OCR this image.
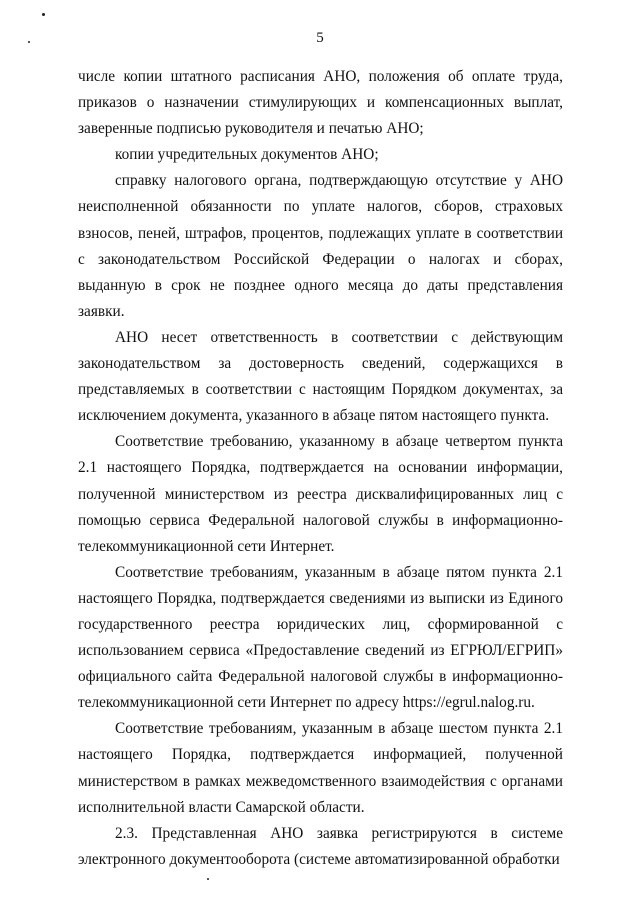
5

числе копии штатного расписания АНО, положения об оплате труда, приказов о назначении стимулирующих и компенсационных выплат, заверенные подписью руководителя и печатью АНО;

копии учредительных документов АНО;

справку налогового органа, подтверждающую отсутствие у АНО неисполненной обязанности по уплате налогов, сборов, страховых взносов, пеней, штрафов, процентов, подлежащих уплате в соответствии с законодательством Российской Федерации о налогах и сборах, выданную в срок не позднее одного месяца до даты представления заявки.

АНО несет ответственность в соответствии с действующим законодательством за достоверность сведений, содержащихся в представляемых в соответствии с настоящим Порядком документах, за исключением документа, указанного в абзаце пятом настоящего пункта.

Соответствие требованию, указанному в абзаце четвертом пункта 2.1 настоящего Порядка, подтверждается на основании информации, полученной министерством из реестра дисквалифицированных лиц с помощью сервиса Федеральной налоговой службы в информационно-телекоммуникационной сети Интернет.

Соответствие требованиям, указанным в абзаце пятом пункта 2.1 настоящего Порядка, подтверждается сведениями из выписки из Единого государственного реестра юридических лиц, сформированной с использованием сервиса «Предоставление сведений из ЕГРЮЛ/ЕГРИП» официального сайта Федеральной налоговой службы в информационно-телекоммуникационной сети Интернет по адресу https://egrul.nalog.ru.

Соответствие требованиям, указанным в абзаце шестом пункта 2.1 настоящего Порядка, подтверждается информацией, полученной министерством в рамках межведомственного взаимодействия с органами исполнительной власти Самарской области.

2.3. Представленная АНО заявка регистрируются в системе электронного документооборота (системе автоматизированной обработки
